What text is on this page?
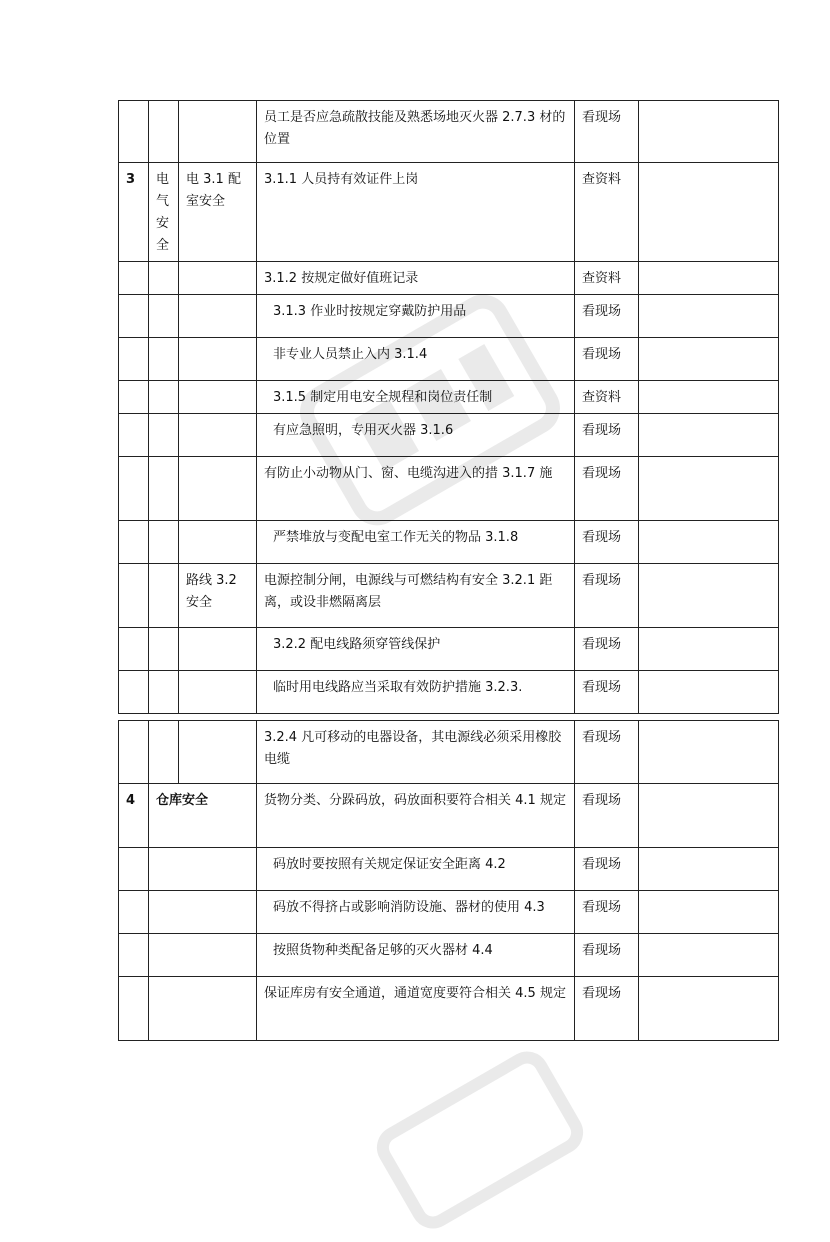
			员工是否应急疏散技能及熟悉场地灭火器 2.7.3 材的位置	看现场	
3	电气安全	电 3.1 配室安全	3.1.1 人员持有效证件上岗	查资料	
			3.1.2 按规定做好值班记录	查资料	
			3.1.3 作业时按规定穿戴防护用品	看现场	
			非专业人员禁止入内 3.1.4	看现场	
			3.1.5 制定用电安全规程和岗位责任制	查资料	
			有应急照明，专用灭火器 3.1.6	看现场	
			有防止小动物从门、窗、电缆沟进入的措 3.1.7 施	看现场	
			严禁堆放与变配电室工作无关的物品 3.1.8	看现场	
		路线 3.2 安全	电源控制分闸，电源线与可燃结构有安全 3.2.1 距离，或设非燃隔离层	看现场	
			3.2.2 配电线路须穿管线保护	看现场	
			临时用电线路应当采取有效防护措施 3.2.3.	看现场	
			3.2.4 凡可移动的电器设备，其电源线必须采用橡胶电缆	看现场	
4	仓库安全		货物分类、分跺码放，码放面积要符合相关 4.1 规定	看现场	
			码放时要按照有关规定保证安全距离 4.2	看现场	
			码放不得挤占或影响消防设施、器材的使用 4.3	看现场	
			按照货物种类配备足够的灭火器材 4.4	看现场	
			保证库房有安全通道，通道宽度要符合相关 4.5 规定	看现场	
